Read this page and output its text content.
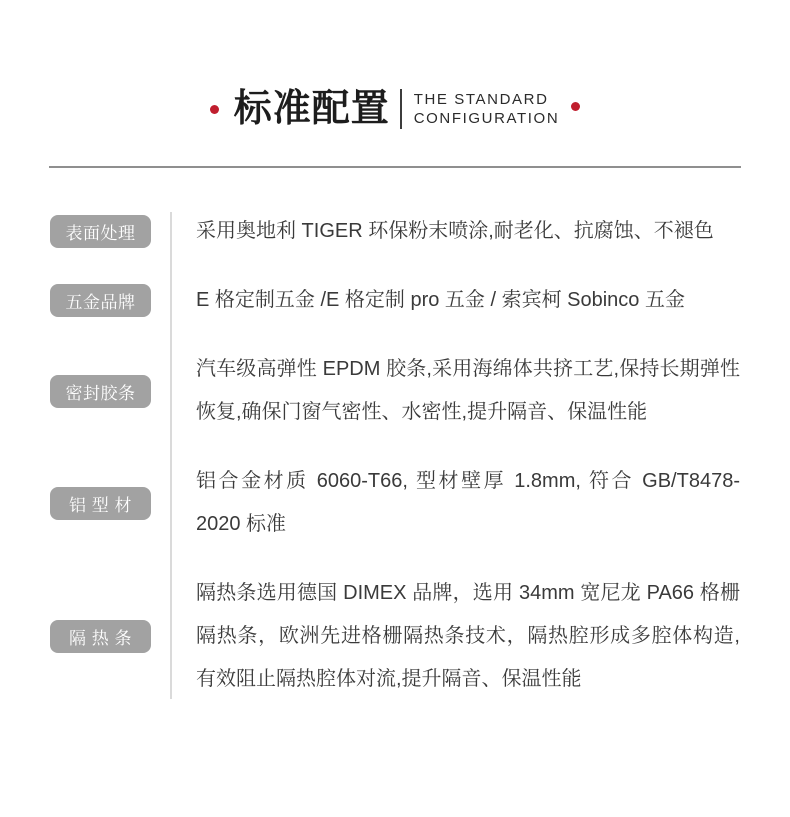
标准配置 THE STANDARD
CONFIGURATION
表面处理	采用奥地利 TIGER 环保粉末喷涂,耐老化、抗腐蚀、不褪色
五金品牌	E 格定制五金 /E 格定制 pro 五金 / 索宾柯 Sobinco 五金
密封胶条
汽车级高弹性 EPDM 胶条,采用海绵体共挤工艺,保持长期弹性恢复,确保门窗气密性、水密性,提升隔音、保温性能
铝 型 材
铝合金材质 6060-T66, 型材壁厚 1.8mm, 符合 GB/T8478-2020 标准
隔 热 条
隔热条选用德国 DIMEX 品牌，选用 34mm 宽尼龙 PA66 格栅隔热条，欧洲先进格栅隔热条技术，隔热腔形成多腔体构造,有效阻止隔热腔体对流,提升隔音、保温性能
